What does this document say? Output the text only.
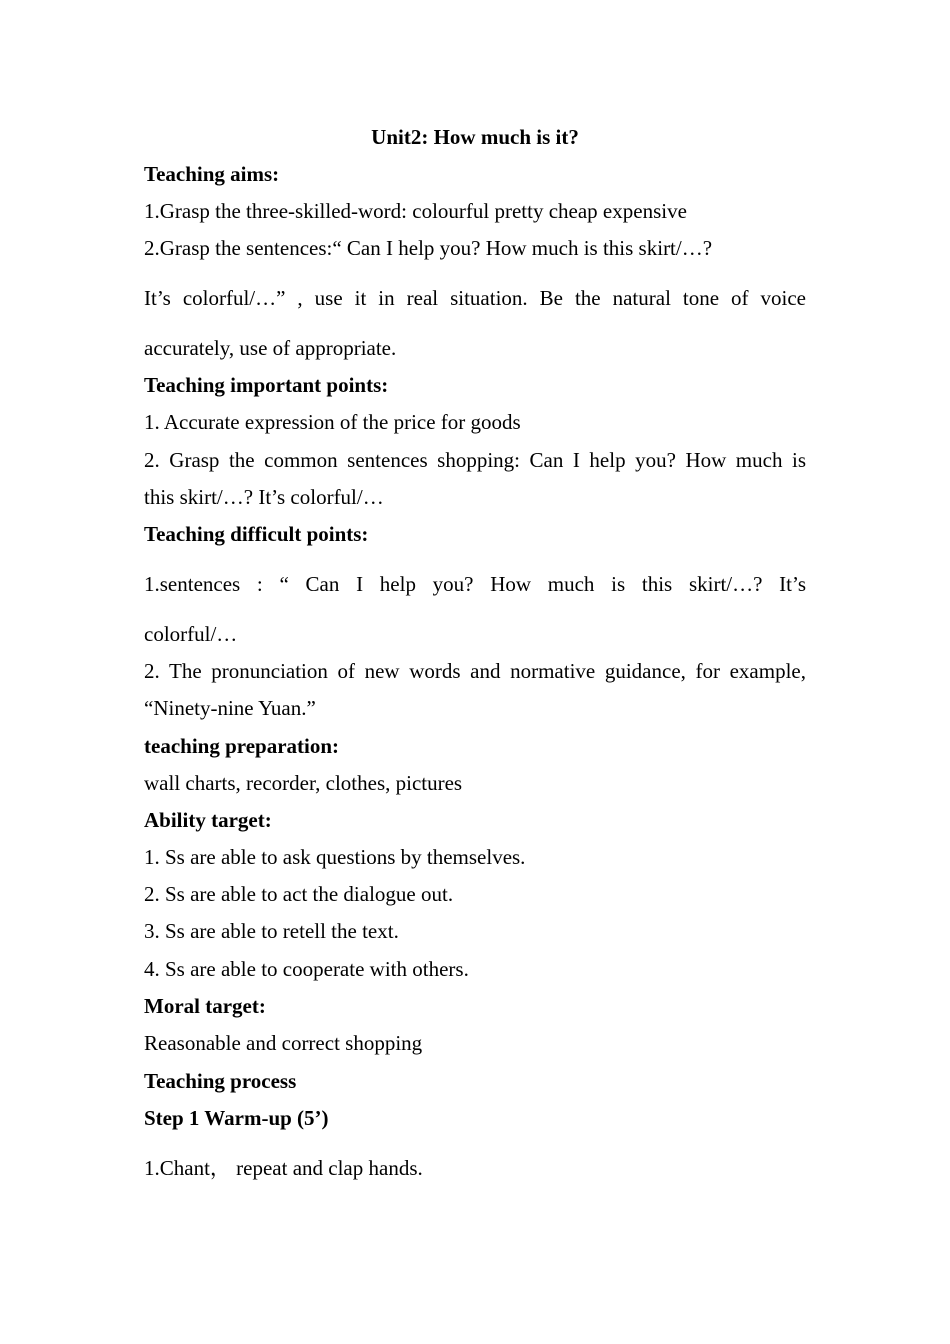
Unit2: How much is it?
Teaching aims:
1.Grasp the three-skilled-word: colourful pretty cheap expensive
2.Grasp the sentences:“ Can I help you? How much is this skirt/…?
It’s colorful/…” , use it in real situation. Be the natural tone of voice
accurately, use of appropriate.
Teaching important points:
1. Accurate expression of the price for goods
2. Grasp the common sentences shopping: Can I help you? How much is
this skirt/…? It’s colorful/…
Teaching difficult points:
1.sentences : “ Can I help you? How much is this skirt/…? It’s
colorful/…
2. The pronunciation of new words and normative guidance, for example,
“Ninety-nine Yuan.”
teaching preparation:
wall charts, recorder, clothes, pictures
Ability target:
1. Ss are able to ask questions by themselves.
2. Ss are able to act the dialogue out.
3. Ss are able to retell the text.
4. Ss are able to cooperate with others.
Moral target:
Reasonable and correct shopping
Teaching process
Step 1 Warm-up (5’)
1.Chant， repeat and clap hands.
